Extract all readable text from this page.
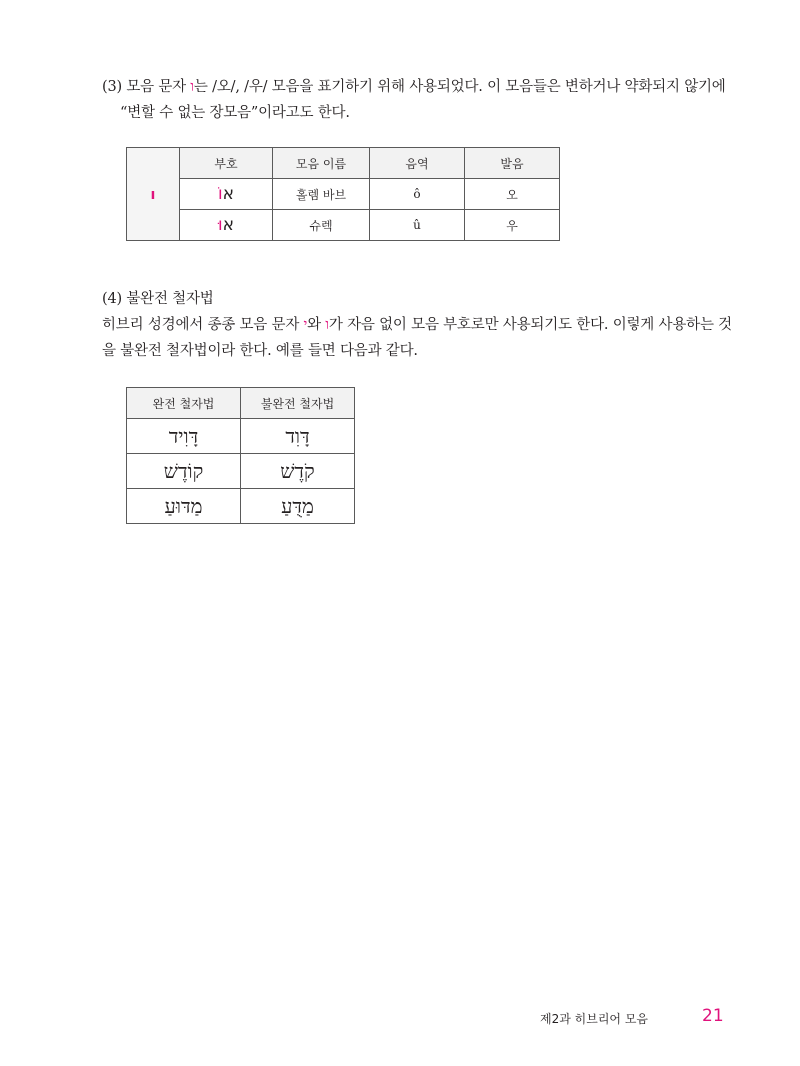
(3) 모음 문자 ו는 /오/, /우/ 모음을 표기하기 위해 사용되었다. 이 모음들은 변하거나 약화되지 않기에
“변할 수 없는 장모음”이라고도 한다.
ו	부호	모음 이름	음역	발음
	אוֹ	홀렘 바브	ô	오
	אוּ	슈렉	û	우
(4) 불완전 철자법
히브리 성경에서 종종 모음 문자 י와 ו가 자음 없이 모음 부호로만 사용되기도 한다. 이렇게 사용하는 것을 불완전 철자법이라 한다. 예를 들면 다음과 같다.
완전 철자법	불완전 철자법
דָּוִיד	דָּוִד
קוֹדֶשׁ	קֹדֶשׁ
מַדּוּעַ	מַדֻּעַ
제2과 히브리어 모음	21
